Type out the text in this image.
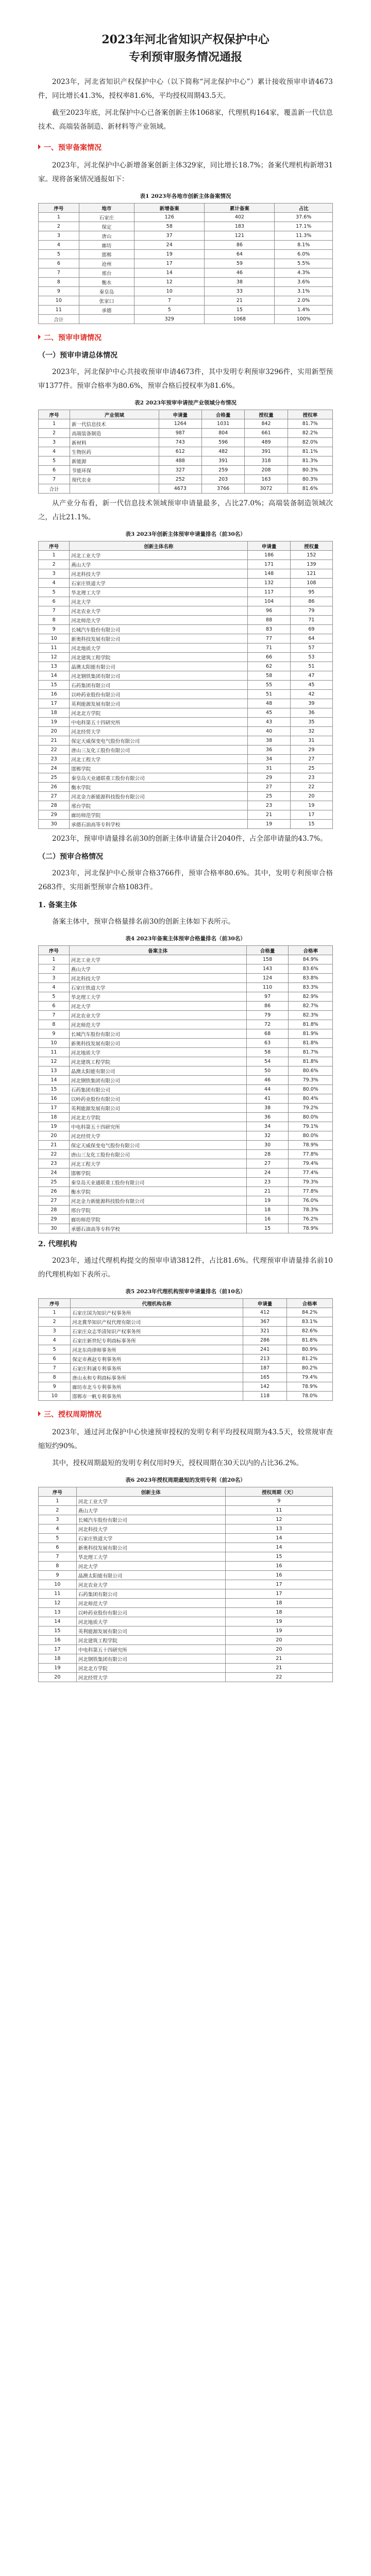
2023年河北省知识产权保护中心
专利预审服务情况通报

2023年，河北省知识产权保护中心（以下简称“河北保护中心”）累计接收预审申请4673件，同比增长41.3%，授权率81.6%，平均授权周期43.5天。

截至2023年底，河北保护中心已备案创新主体1068家，代理机构164家，覆盖新一代信息技术、高端装备制造、新材料等产业领域。

一、预审备案情况

2023年，河北保护中心新增备案创新主体329家，同比增长18.7%；备案代理机构新增31家。现将备案情况通报如下：

表1 2023年各地市创新主体备案情况
序号	地市	新增备案	累计备案	占比
1	石家庄	126	402	37.6%
2	保定	58	183	17.1%
3	唐山	37	121	11.3%
4	廊坊	24	86	8.1%
5	邯郸	19	64	6.0%
6	沧州	17	59	5.5%
7	邢台	14	46	4.3%
8	衡水	12	38	3.6%
9	秦皇岛	10	33	3.1%
10	张家口	7	21	2.0%
11	承德	5	15	1.4%
合计		329	1068	100%
二、预审申请情况
（一）预审申请总体情况

2023年，河北保护中心共接收预审申请4673件，其中发明专利预审3296件，实用新型预审1377件。预审合格率为80.6%，预审合格后授权率为81.6%。

表2 2023年预审申请按产业领域分布情况
序号	产业领域	申请量	合格量	授权量	授权率
1	新一代信息技术	1264	1031	842	81.7%
2	高端装备制造	987	804	661	82.2%
3	新材料	743	596	489	82.0%
4	生物医药	612	482	391	81.1%
5	新能源	488	391	318	81.3%
6	节能环保	327	259	208	80.3%
7	现代农业	252	203	163	80.3%
合计		4673	3766	3072	81.6%

从产业分布看，新一代信息技术领域预审申请量最多，占比27.0%；高端装备制造领域次之，占比21.1%。

表3 2023年创新主体预审申请量排名（前30名）
序号	创新主体名称	申请量	授权量
1	河北工业大学	186	152
2	燕山大学	171	139
3	河北科技大学	148	121
4	石家庄铁道大学	132	108
5	华北理工大学	117	95
6	河北大学	104	86
7	河北农业大学	96	79
8	河北师范大学	88	71
9	长城汽车股份有限公司	83	69
10	新奥科技发展有限公司	77	64
11	河北地质大学	71	57
12	河北建筑工程学院	66	53
13	晶澳太阳能有限公司	62	51
14	河北钢铁集团有限公司	58	47
15	石药集团有限公司	55	45
16	以岭药业股份有限公司	51	42
17	英利能源发展有限公司	48	39
18	河北北方学院	45	36
19	中电科第五十四研究所	43	35
20	河北经贸大学	40	32
21	保定天威保变电气股份有限公司	38	31
22	唐山三友化工股份有限公司	36	29
23	河北工程大学	34	27
24	邯郸学院	31	25
25	秦皇岛天业通联重工股份有限公司	29	23
26	衡水学院	27	22
27	河北金力新能源科技股份有限公司	25	20
28	邢台学院	23	19
29	廊坊师范学院	21	17
30	承德石油高等专科学校	19	15

2023年，预审申请量排名前30的创新主体申请量合计2040件，占全部申请量的43.7%。

（二）预审合格情况

2023年，河北保护中心预审合格3766件，预审合格率80.6%。其中，发明专利预审合格2683件，实用新型预审合格1083件。

1. 备案主体

备案主体中，预审合格量排名前30的创新主体如下表所示。

表4 2023年备案主体预审合格量排名（前30名）
序号	备案主体	合格量	合格率
1	河北工业大学	158	84.9%
2	燕山大学	143	83.6%
3	河北科技大学	124	83.8%
4	石家庄铁道大学	110	83.3%
5	华北理工大学	97	82.9%
6	河北大学	86	82.7%
7	河北农业大学	79	82.3%
8	河北师范大学	72	81.8%
9	长城汽车股份有限公司	68	81.9%
10	新奥科技发展有限公司	63	81.8%
11	河北地质大学	58	81.7%
12	河北建筑工程学院	54	81.8%
13	晶澳太阳能有限公司	50	80.6%
14	河北钢铁集团有限公司	46	79.3%
15	石药集团有限公司	44	80.0%
16	以岭药业股份有限公司	41	80.4%
17	英利能源发展有限公司	38	79.2%
18	河北北方学院	36	80.0%
19	中电科第五十四研究所	34	79.1%
20	河北经贸大学	32	80.0%
21	保定天威保变电气股份有限公司	30	78.9%
22	唐山三友化工股份有限公司	28	77.8%
23	河北工程大学	27	79.4%
24	邯郸学院	24	77.4%
25	秦皇岛天业通联重工股份有限公司	23	79.3%
26	衡水学院	21	77.8%
27	河北金力新能源科技股份有限公司	19	76.0%
28	邢台学院	18	78.3%
29	廊坊师范学院	16	76.2%
30	承德石油高等专科学校	15	78.9%
2. 代理机构

2023年，通过代理机构提交的预审申请3812件，占比81.6%。代理预审申请量排名前10的代理机构如下表所示。

表5 2023年代理机构预审申请量排名（前10名）
序号	代理机构名称	申请量	合格率
1	石家庄国为知识产权事务所	412	84.2%
2	河北冀华知识产权代理有限公司	367	83.1%
3	石家庄众志华清知识产权事务所	321	82.6%
4	石家庄新世纪专利商标事务所	286	81.8%
5	河北东尚律师事务所	241	80.9%
6	保定市燕赵专利事务所	213	81.2%
7	石家庄科诚专利事务所	187	80.2%
8	唐山永和专利商标事务所	165	79.4%
9	廊坊市北斗专利事务所	142	78.9%
10	邯郸市一帆专利事务所	118	78.0%
三、授权周期情况

2023年，通过河北保护中心快速预审授权的发明专利平均授权周期为43.5天，较常规审查缩短约90%。

其中，授权周期最短的发明专利仅用时9天，授权周期在30天以内的占比36.2%。

表6 2023年授权周期最短的发明专利（前20名）
序号	创新主体	授权周期（天）
1	河北工业大学	9
2	燕山大学	11
3	长城汽车股份有限公司	12
4	河北科技大学	13
5	石家庄铁道大学	14
6	新奥科技发展有限公司	14
7	华北理工大学	15
8	河北大学	16
9	晶澳太阳能有限公司	16
10	河北农业大学	17
11	石药集团有限公司	17
12	河北师范大学	18
13	以岭药业股份有限公司	18
14	河北地质大学	19
15	英利能源发展有限公司	19
16	河北建筑工程学院	20
17	中电科第五十四研究所	20
18	河北钢铁集团有限公司	21
19	河北北方学院	21
20	河北经贸大学	22
